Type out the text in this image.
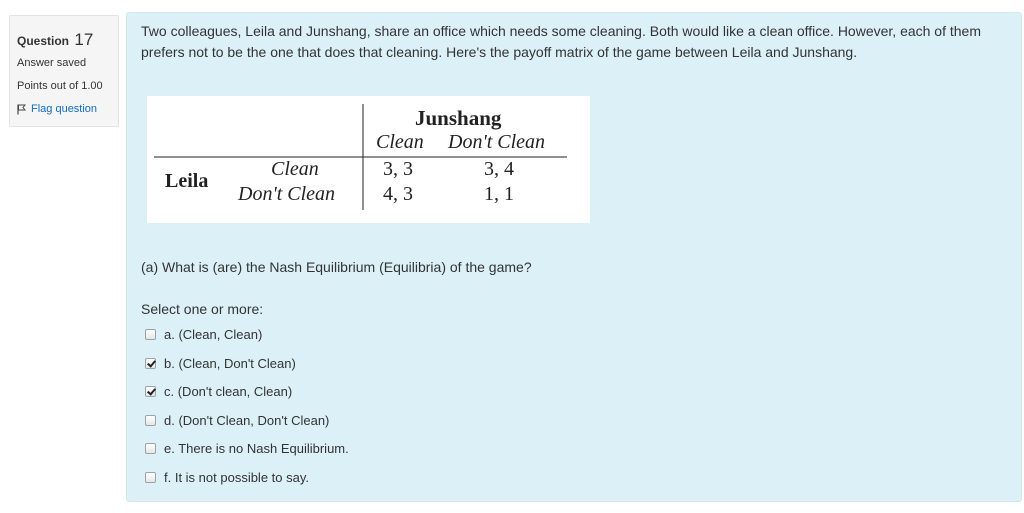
Question 17
Answer saved
Points out of 1.00
Flag question
Two colleagues, Leila and Junshang, share an office which needs some cleaning. Both would like a clean office. However, each of them prefers not to be the one that does that cleaning. Here's the payoff matrix of the game between Leila and Junshang.
Junshang
Clean Don't Clean
Leila
Clean
Don't Clean
3, 3	3, 4
4, 3	1, 1
(a) What is (are) the Nash Equilibrium (Equilibria) of the game?
Select one or more:
a. (Clean, Clean)
b. (Clean, Don't Clean)
c. (Don't clean, Clean)
d. (Don't Clean, Don't Clean)
e. There is no Nash Equilibrium.
f. It is not possible to say.
